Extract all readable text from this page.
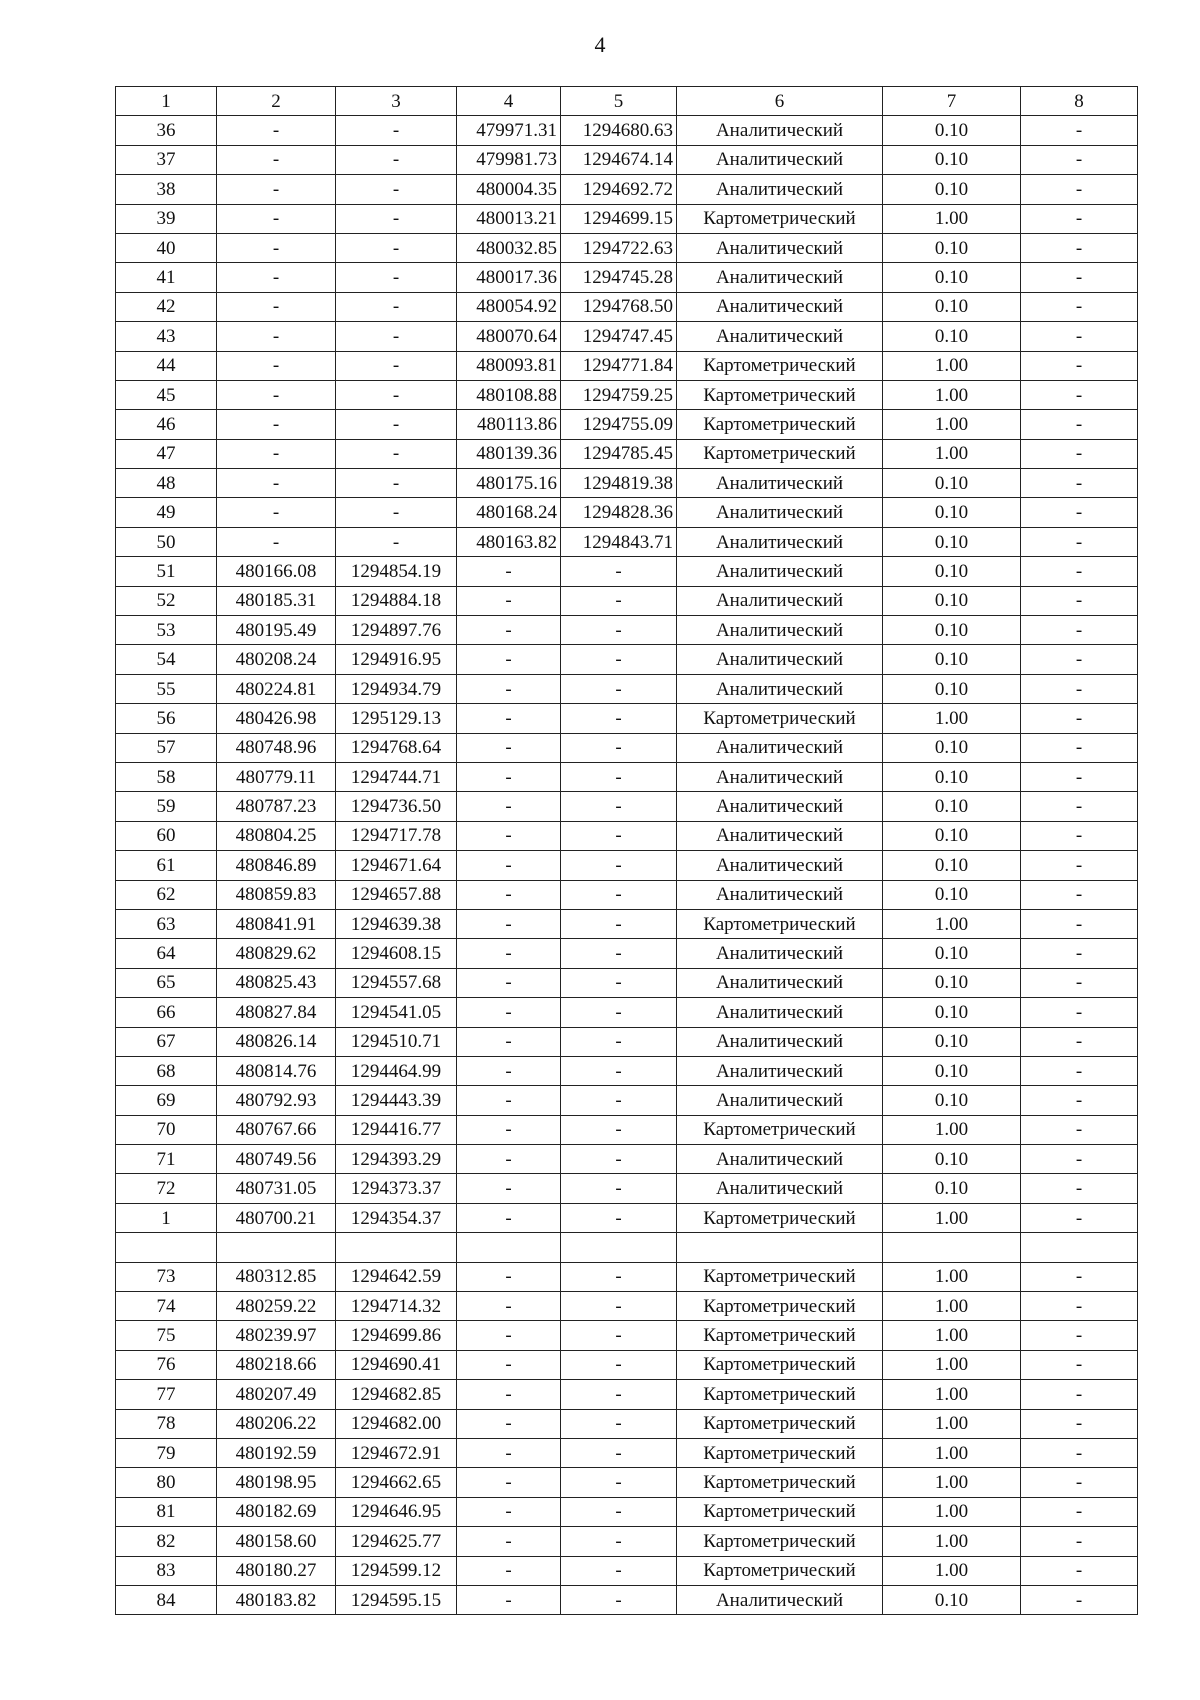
4
1	2	3	4	5	6	7	8
36	-	-	479971.31	1294680.63	Аналитический	0.10	-
37	-	-	479981.73	1294674.14	Аналитический	0.10	-
38	-	-	480004.35	1294692.72	Аналитический	0.10	-
39	-	-	480013.21	1294699.15	Картометрический	1.00	-
40	-	-	480032.85	1294722.63	Аналитический	0.10	-
41	-	-	480017.36	1294745.28	Аналитический	0.10	-
42	-	-	480054.92	1294768.50	Аналитический	0.10	-
43	-	-	480070.64	1294747.45	Аналитический	0.10	-
44	-	-	480093.81	1294771.84	Картометрический	1.00	-
45	-	-	480108.88	1294759.25	Картометрический	1.00	-
46	-	-	480113.86	1294755.09	Картометрический	1.00	-
47	-	-	480139.36	1294785.45	Картометрический	1.00	-
48	-	-	480175.16	1294819.38	Аналитический	0.10	-
49	-	-	480168.24	1294828.36	Аналитический	0.10	-
50	-	-	480163.82	1294843.71	Аналитический	0.10	-
51	480166.08	1294854.19	-	-	Аналитический	0.10	-
52	480185.31	1294884.18	-	-	Аналитический	0.10	-
53	480195.49	1294897.76	-	-	Аналитический	0.10	-
54	480208.24	1294916.95	-	-	Аналитический	0.10	-
55	480224.81	1294934.79	-	-	Аналитический	0.10	-
56	480426.98	1295129.13	-	-	Картометрический	1.00	-
57	480748.96	1294768.64	-	-	Аналитический	0.10	-
58	480779.11	1294744.71	-	-	Аналитический	0.10	-
59	480787.23	1294736.50	-	-	Аналитический	0.10	-
60	480804.25	1294717.78	-	-	Аналитический	0.10	-
61	480846.89	1294671.64	-	-	Аналитический	0.10	-
62	480859.83	1294657.88	-	-	Аналитический	0.10	-
63	480841.91	1294639.38	-	-	Картометрический	1.00	-
64	480829.62	1294608.15	-	-	Аналитический	0.10	-
65	480825.43	1294557.68	-	-	Аналитический	0.10	-
66	480827.84	1294541.05	-	-	Аналитический	0.10	-
67	480826.14	1294510.71	-	-	Аналитический	0.10	-
68	480814.76	1294464.99	-	-	Аналитический	0.10	-
69	480792.93	1294443.39	-	-	Аналитический	0.10	-
70	480767.66	1294416.77	-	-	Картометрический	1.00	-
71	480749.56	1294393.29	-	-	Аналитический	0.10	-
72	480731.05	1294373.37	-	-	Аналитический	0.10	-
1	480700.21	1294354.37	-	-	Картометрический	1.00	-

73	480312.85	1294642.59	-	-	Картометрический	1.00	-
74	480259.22	1294714.32	-	-	Картометрический	1.00	-
75	480239.97	1294699.86	-	-	Картометрический	1.00	-
76	480218.66	1294690.41	-	-	Картометрический	1.00	-
77	480207.49	1294682.85	-	-	Картометрический	1.00	-
78	480206.22	1294682.00	-	-	Картометрический	1.00	-
79	480192.59	1294672.91	-	-	Картометрический	1.00	-
80	480198.95	1294662.65	-	-	Картометрический	1.00	-
81	480182.69	1294646.95	-	-	Картометрический	1.00	-
82	480158.60	1294625.77	-	-	Картометрический	1.00	-
83	480180.27	1294599.12	-	-	Картометрический	1.00	-
84	480183.82	1294595.15	-	-	Аналитический	0.10	-
